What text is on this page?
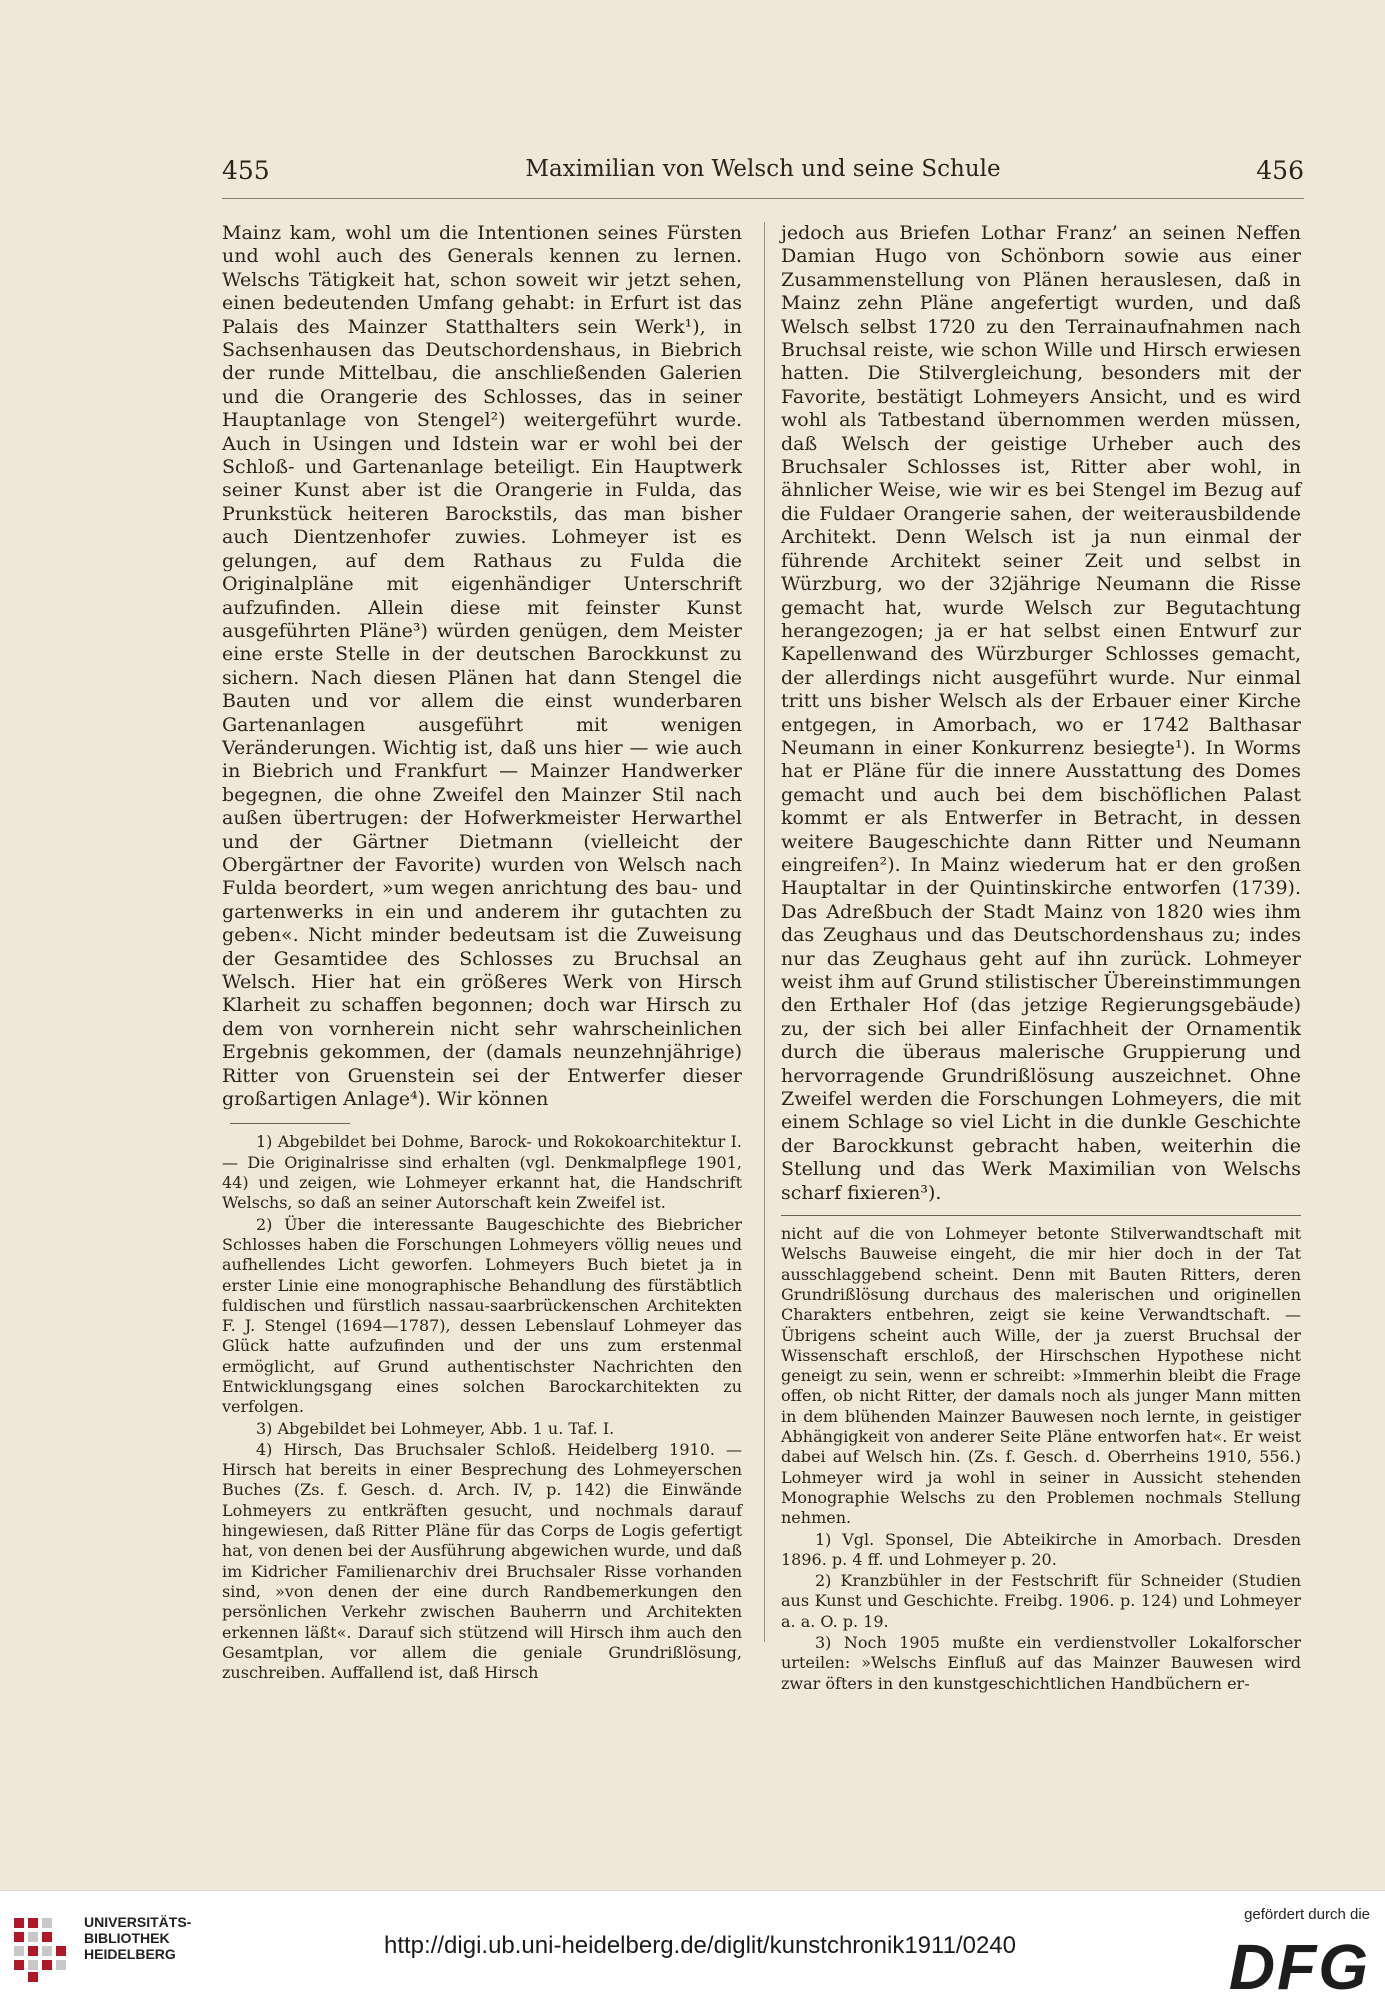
455	Maximilian von Welsch und seine Schule	456

Mainz kam, wohl um die Intentionen seines Fürsten und wohl auch des Generals kennen zu lernen. Welschs Tätigkeit hat, schon soweit wir jetzt sehen, einen bedeutenden Umfang gehabt: in Erfurt ist das Palais des Mainzer Statthalters sein Werk¹), in Sachsenhausen das Deutschordenshaus, in Biebrich der runde Mittelbau, die anschließenden Galerien und die Orangerie des Schlosses, das in seiner Hauptanlage von Stengel²) weitergeführt wurde. Auch in Usingen und Idstein war er wohl bei der Schloß- und Gartenanlage beteiligt. Ein Hauptwerk seiner Kunst aber ist die Orangerie in Fulda, das Prunkstück heiteren Barockstils, das man bisher auch Dientzenhofer zuwies. Lohmeyer ist es gelungen, auf dem Rathaus zu Fulda die Originalpläne mit eigenhändiger Unterschrift aufzufinden. Allein diese mit feinster Kunst ausgeführten Pläne³) würden genügen, dem Meister eine erste Stelle in der deutschen Barockkunst zu sichern. Nach diesen Plänen hat dann Stengel die Bauten und vor allem die einst wunderbaren Gartenanlagen ausgeführt mit wenigen Veränderungen. Wichtig ist, daß uns hier — wie auch in Biebrich und Frankfurt — Mainzer Handwerker begegnen, die ohne Zweifel den Mainzer Stil nach außen übertrugen: der Hofwerkmeister Herwarthel und der Gärtner Dietmann (vielleicht der Obergärtner der Favorite) wurden von Welsch nach Fulda beordert, »um wegen anrichtung des bau- und gartenwerks in ein und anderem ihr gutachten zu geben«. Nicht minder bedeutsam ist die Zuweisung der Gesamtidee des Schlosses zu Bruchsal an Welsch. Hier hat ein größeres Werk von Hirsch Klarheit zu schaffen begonnen; doch war Hirsch zu dem von vornherein nicht sehr wahrscheinlichen Ergebnis gekommen, der (damals neunzehnjährige) Ritter von Gruenstein sei der Entwerfer dieser großartigen Anlage⁴). Wir können

1) Abgebildet bei Dohme, Barock- und Rokokoarchitektur I. — Die Originalrisse sind erhalten (vgl. Denkmalpflege 1901, 44) und zeigen, wie Lohmeyer erkannt hat, die Handschrift Welschs, so daß an seiner Autorschaft kein Zweifel ist.

2) Über die interessante Baugeschichte des Biebricher Schlosses haben die Forschungen Lohmeyers völlig neues und aufhellendes Licht geworfen. Lohmeyers Buch bietet ja in erster Linie eine monographische Behandlung des fürstäbtlich fuldischen und fürstlich nassau-saarbrückenschen Architekten F. J. Stengel (1694—1787), dessen Lebenslauf Lohmeyer das Glück hatte aufzufinden und der uns zum erstenmal ermöglicht, auf Grund authentischster Nachrichten den Entwicklungsgang eines solchen Barockarchitekten zu verfolgen.

3) Abgebildet bei Lohmeyer, Abb. 1 u. Taf. I.

4) Hirsch, Das Bruchsaler Schloß. Heidelberg 1910. — Hirsch hat bereits in einer Besprechung des Lohmeyerschen Buches (Zs. f. Gesch. d. Arch. IV, p. 142) die Einwände Lohmeyers zu entkräften gesucht, und nochmals darauf hingewiesen, daß Ritter Pläne für das Corps de Logis gefertigt hat, von denen bei der Ausführung abgewichen wurde, und daß im Kidricher Familienarchiv drei Bruchsaler Risse vorhanden sind, »von denen der eine durch Randbemerkungen den persönlichen Verkehr zwischen Bauherrn und Architekten erkennen läßt«. Darauf sich stützend will Hirsch ihm auch den Gesamtplan, vor allem die geniale Grundrißlösung, zuschreiben. Auffallend ist, daß Hirsch

jedoch aus Briefen Lothar Franz’ an seinen Neffen Damian Hugo von Schönborn sowie aus einer Zusammenstellung von Plänen herauslesen, daß in Mainz zehn Pläne angefertigt wurden, und daß Welsch selbst 1720 zu den Terrainaufnahmen nach Bruchsal reiste, wie schon Wille und Hirsch erwiesen hatten. Die Stilvergleichung, besonders mit der Favorite, bestätigt Lohmeyers Ansicht, und es wird wohl als Tatbestand übernommen werden müssen, daß Welsch der geistige Urheber auch des Bruchsaler Schlosses ist, Ritter aber wohl, in ähnlicher Weise, wie wir es bei Stengel im Bezug auf die Fuldaer Orangerie sahen, der weiterausbildende Architekt. Denn Welsch ist ja nun einmal der führende Architekt seiner Zeit und selbst in Würzburg, wo der 32jährige Neumann die Risse gemacht hat, wurde Welsch zur Begutachtung herangezogen; ja er hat selbst einen Entwurf zur Kapellenwand des Würzburger Schlosses gemacht, der allerdings nicht ausgeführt wurde. Nur einmal tritt uns bisher Welsch als der Erbauer einer Kirche entgegen, in Amorbach, wo er 1742 Balthasar Neumann in einer Konkurrenz besiegte¹). In Worms hat er Pläne für die innere Ausstattung des Domes gemacht und auch bei dem bischöflichen Palast kommt er als Entwerfer in Betracht, in dessen weitere Baugeschichte dann Ritter und Neumann eingreifen²). In Mainz wiederum hat er den großen Hauptaltar in der Quintinskirche entworfen (1739). Das Adreßbuch der Stadt Mainz von 1820 wies ihm das Zeughaus und das Deutschordenshaus zu; indes nur das Zeughaus geht auf ihn zurück. Lohmeyer weist ihm auf Grund stilistischer Übereinstimmungen den Erthaler Hof (das jetzige Regierungsgebäude) zu, der sich bei aller Einfachheit der Ornamentik durch die überaus malerische Gruppierung und hervorragende Grundrißlösung auszeichnet. Ohne Zweifel werden die Forschungen Lohmeyers, die mit einem Schlage so viel Licht in die dunkle Geschichte der Barockkunst gebracht haben, weiterhin die Stellung und das Werk Maximilian von Welschs scharf fixieren³).

nicht auf die von Lohmeyer betonte Stilverwandtschaft mit Welschs Bauweise eingeht, die mir hier doch in der Tat ausschlaggebend scheint. Denn mit Bauten Ritters, deren Grundrißlösung durchaus des malerischen und originellen Charakters entbehren, zeigt sie keine Verwandtschaft. — Übrigens scheint auch Wille, der ja zuerst Bruchsal der Wissenschaft erschloß, der Hirschschen Hypothese nicht geneigt zu sein, wenn er schreibt: »Immerhin bleibt die Frage offen, ob nicht Ritter, der damals noch als junger Mann mitten in dem blühenden Mainzer Bauwesen noch lernte, in geistiger Abhängigkeit von anderer Seite Pläne entworfen hat«. Er weist dabei auf Welsch hin. (Zs. f. Gesch. d. Oberrheins 1910, 556.) Lohmeyer wird ja wohl in seiner in Aussicht stehenden Monographie Welschs zu den Problemen nochmals Stellung nehmen.

1) Vgl. Sponsel, Die Abteikirche in Amorbach. Dresden 1896. p. 4 ff. und Lohmeyer p. 20.

2) Kranzbühler in der Festschrift für Schneider (Studien aus Kunst und Geschichte. Freibg. 1906. p. 124) und Lohmeyer a. a. O. p. 19.

3) Noch 1905 mußte ein verdienstvoller Lokalforscher urteilen: »Welschs Einfluß auf das Mainzer Bauwesen wird zwar öfters in den kunstgeschichtlichen Handbüchern er-

UNIVERSITÄTS-
BIBLIOTHEK
HEIDELBERG	http://digi.ub.uni-heidelberg.de/diglit/kunstchronik1911/0240
gefördert durch die
DFG
